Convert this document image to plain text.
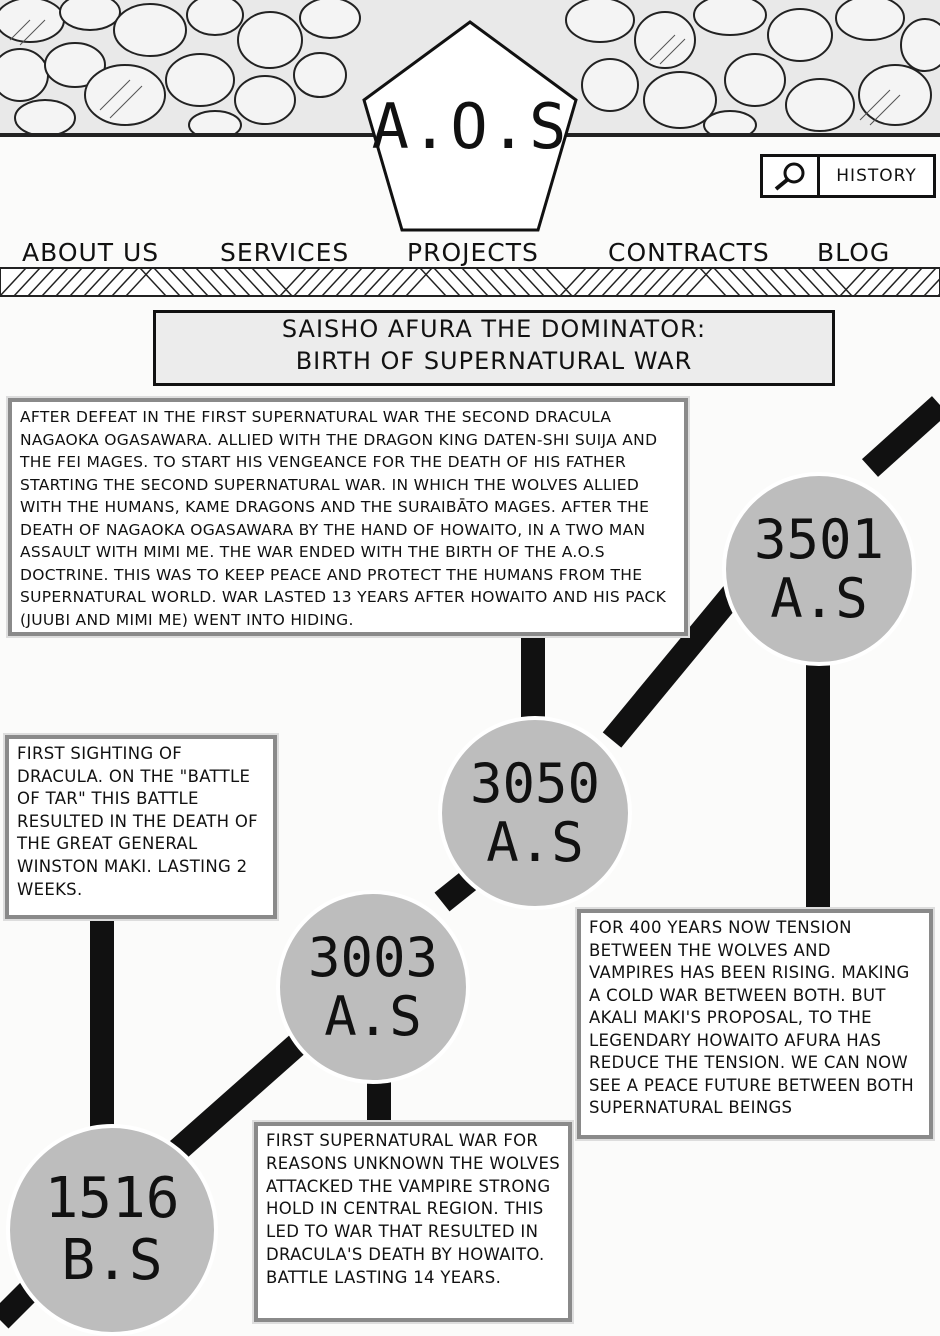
A.O.S
HISTORY
ABOUT US SERVICES PROJECTS	CONTRACTS BLOG
SAISHO AFURA THE DOMINATOR:
BIRTH OF SUPERNATURAL WAR
3501
A.S
3050
A.S
3003
A.S
1516
B.S
AFTER DEFEAT IN THE FIRST SUPERNATURAL WAR THE SECOND DRACULA NAGAOKA OGASAWARA. ALLIED WITH THE DRAGON KING DATEN-SHI SUIJA AND THE FEI MAGES. TO START HIS VENGEANCE FOR THE DEATH OF HIS FATHER STARTING THE SECOND SUPERNATURAL WAR. IN WHICH THE WOLVES ALLIED WITH THE HUMANS, KAME DRAGONS AND THE SURAIBĀTO MAGES. AFTER THE DEATH OF NAGAOKA OGASAWARA BY THE HAND OF HOWAITO, IN A TWO MAN ASSAULT WITH MIMI ME. THE WAR ENDED WITH THE BIRTH OF THE A.O.S DOCTRINE. THIS WAS TO KEEP PEACE AND PROTECT THE HUMANS FROM THE SUPERNATURAL WORLD. WAR LASTED 13 YEARS AFTER HOWAITO AND HIS PACK (JUUBI AND MIMI ME) WENT INTO HIDING.
FIRST SIGHTING OF DRACULA. ON THE "BATTLE OF TAR" THIS BATTLE RESULTED IN THE DEATH OF THE GREAT GENERAL WINSTON MAKI. LASTING 2 WEEKS.
FOR 400 YEARS NOW TENSION BETWEEN THE WOLVES AND VAMPIRES HAS BEEN RISING. MAKING A COLD WAR BETWEEN BOTH. BUT AKALI MAKI'S PROPOSAL, TO THE LEGENDARY HOWAITO AFURA HAS REDUCE THE TENSION. WE CAN NOW SEE A PEACE FUTURE BETWEEN BOTH SUPERNATURAL BEINGS
FIRST SUPERNATURAL WAR FOR REASONS UNKNOWN THE WOLVES ATTACKED THE VAMPIRE STRONG HOLD IN CENTRAL REGION. THIS LED TO WAR THAT RESULTED IN DRACULA'S DEATH BY HOWAITO. BATTLE LASTING 14 YEARS.
